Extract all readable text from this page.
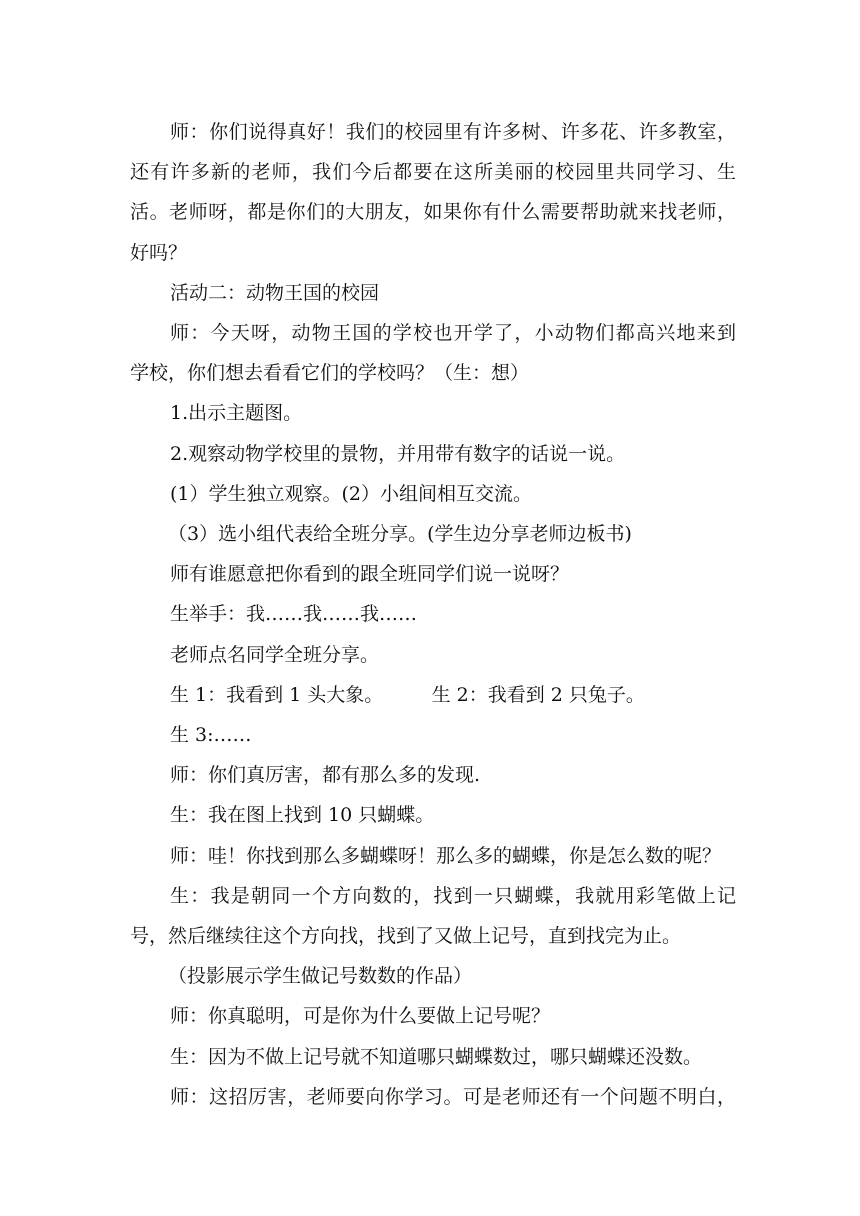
师：你们说得真好！我们的校园里有许多树、许多花、许多教室，

还有许多新的老师，我们今后都要在这所美丽的校园里共同学习、生

活。老师呀，都是你们的大朋友，如果你有什么需要帮助就来找老师，

好吗？

活动二：动物王国的校园

师：今天呀，动物王国的学校也开学了，小动物们都高兴地来到

学校，你们想去看看它们的学校吗？（生：想）

1.出示主题图。

2.观察动物学校里的景物，并用带有数字的话说一说。

(1）学生独立观察。(2）小组间相互交流。

（3）选小组代表给全班分享。(学生边分享老师边板书)

师有谁愿意把你看到的跟全班同学们说一说呀？

生举手：我……我……我……

老师点名同学全班分享。

生 1：我看到 1 头大象。        生 2：我看到 2 只兔子。

生 3:……

师：你们真厉害，都有那么多的发现.

生：我在图上找到 10 只蝴蝶。

师：哇！你找到那么多蝴蝶呀！那么多的蝴蝶，你是怎么数的呢？

生：我是朝同一个方向数的，找到一只蝴蝶，我就用彩笔做上记

号，然后继续往这个方向找，找到了又做上记号，直到找完为止。

（投影展示学生做记号数数的作品）

师：你真聪明，可是你为什么要做上记号呢？

生：因为不做上记号就不知道哪只蝴蝶数过，哪只蝴蝶还没数。

师：这招厉害，老师要向你学习。可是老师还有一个问题不明白，
